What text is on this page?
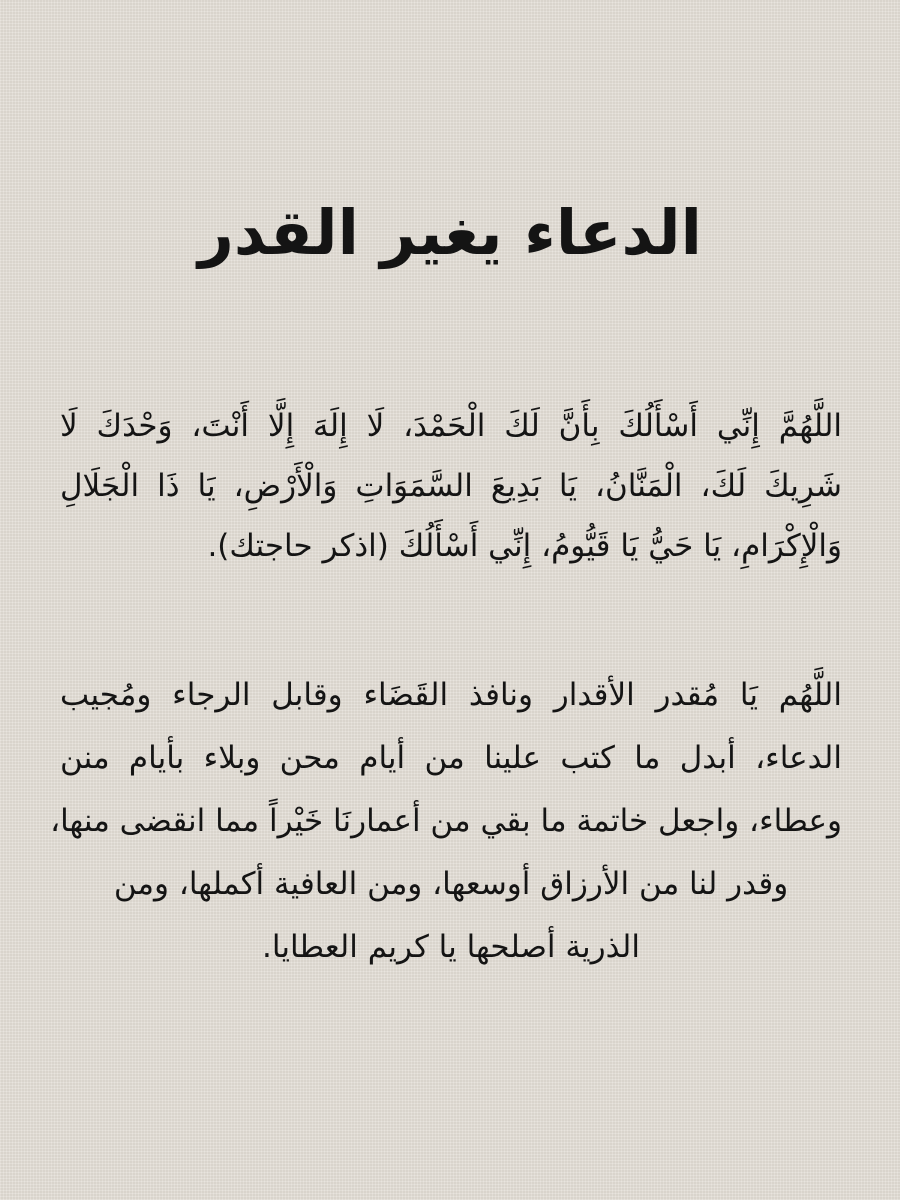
الدعاء يغير القدر
اللَّهُمَّ إِنِّي أَسْأَلُكَ بِأَنَّ لَكَ الْحَمْدَ، لَا إِلَهَ إِلَّا أَنْتَ، وَحْدَكَ لَا
شَرِيكَ لَكَ، الْمَنَّانُ، يَا بَدِيعَ السَّمَوَاتِ وَالْأَرْضِ، يَا ذَا الْجَلَالِ
وَالْإِكْرَامِ، يَا حَيُّ يَا قَيُّومُ، إِنِّي أَسْأَلُكَ (اذكر حاجتك).
اللَّهُم يَا مُقدر الأقدار ونافذ القَضَاء وقابل الرجاء ومُجيب
الدعاء، أبدل ما كتب علينا من أيام محن وبلاء بأيام منن
وعطاء، واجعل خاتمة ما بقي من أعمارنَا خَيْراً مما انقضى منها،
وقدر لنا من الأرزاق أوسعها، ومن العافية أكملها، ومن
الذرية أصلحها يا كريم العطايا.
